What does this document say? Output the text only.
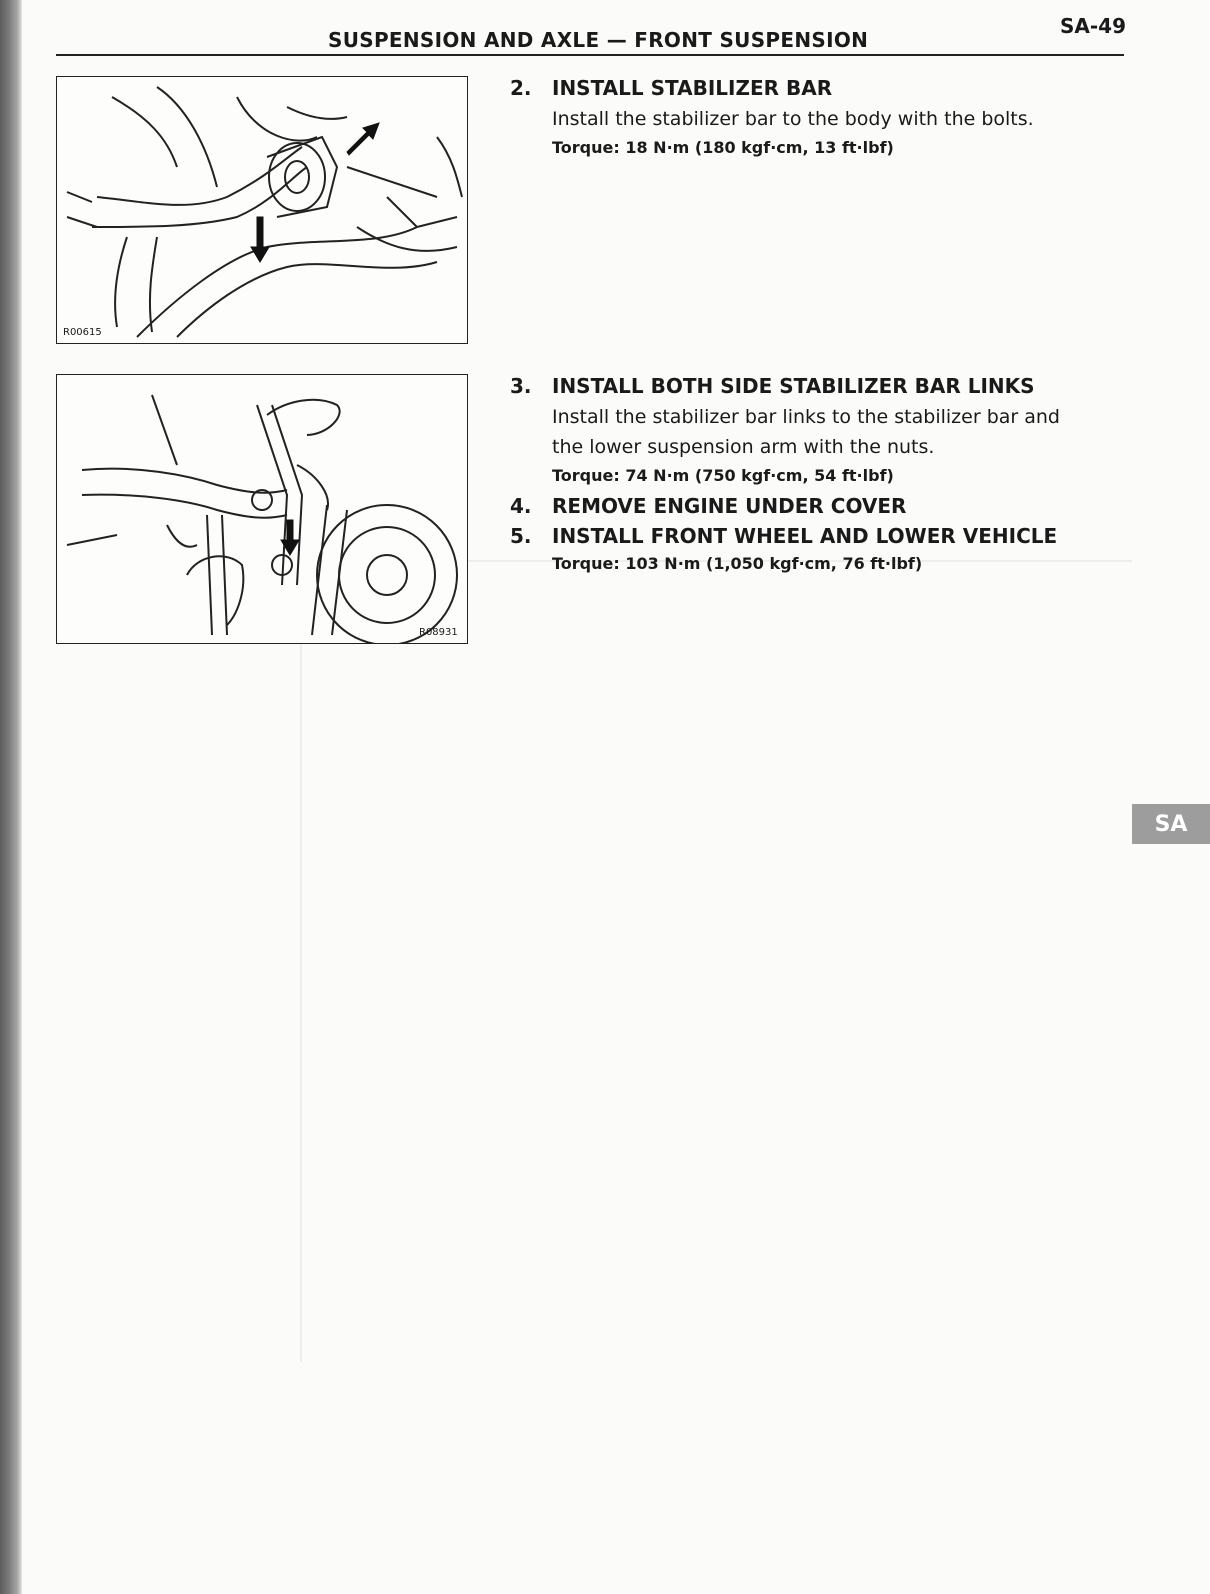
SUSPENSION AND AXLE — FRONT SUSPENSION
SA-49
R00615
R08931
2. INSTALL STABILIZER BAR
Install the stabilizer bar to the body with the bolts.
Torque: 18 N·m (180 kgf·cm, 13 ft·lbf)
3. INSTALL BOTH SIDE STABILIZER BAR LINKS
Install the stabilizer bar links to the stabilizer bar and
the lower suspension arm with the nuts.
Torque: 74 N·m (750 kgf·cm, 54 ft·lbf)
4. REMOVE ENGINE UNDER COVER
5. INSTALL FRONT WHEEL AND LOWER VEHICLE
Torque: 103 N·m (1,050 kgf·cm, 76 ft·lbf)
SA
